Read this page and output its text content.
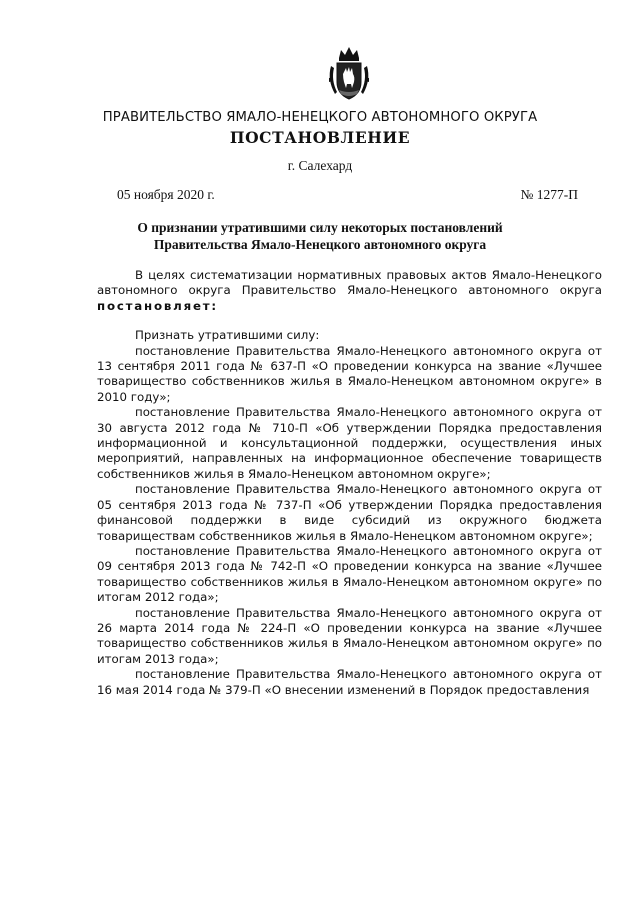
ПРАВИТЕЛЬСТВО ЯМАЛО-НЕНЕЦКОГО АВТОНОМНОГО ОКРУГА
ПОСТАНОВЛЕНИЕ
г. Салехард
05 ноября 2020 г.	№ 1277-П
О признании утратившими силу некоторых постановлений
Правительства Ямало-Ненецкого автономного округа

В целях систематизации нормативных правовых актов Ямало-Ненецкого автономного округа Правительство Ямало-Ненецкого автономного округа постановляет:

Признать утратившими силу:

постановление Правительства Ямало-Ненецкого автономного округа от 13 сентября 2011 года № 637-П «О проведении конкурса на звание «Лучшее товарищество собственников жилья в Ямало-Ненецком автономном округе» в 2010 году»;

постановление Правительства Ямало-Ненецкого автономного округа от 30 августа 2012 года № 710-П «Об утверждении Порядка предоставления информационной и консультационной поддержки, осуществления иных мероприятий, направленных на информационное обеспечение товариществ собственников жилья в Ямало-Ненецком автономном округе»;

постановление Правительства Ямало-Ненецкого автономного округа от 05 сентября 2013 года № 737-П «Об утверждении Порядка предоставления финансовой поддержки в виде субсидий из окружного бюджета товариществам собственников жилья в Ямало-Ненецком автономном округе»;

постановление Правительства Ямало-Ненецкого автономного округа от 09 сентября 2013 года № 742-П «О проведении конкурса на звание «Лучшее товарищество собственников жилья в Ямало-Ненецком автономном округе» по итогам 2012 года»;

постановление Правительства Ямало-Ненецкого автономного округа от 26 марта 2014 года № 224-П «О проведении конкурса на звание «Лучшее товарищество собственников жилья в Ямало-Ненецком автономном округе» по итогам 2013 года»;

постановление Правительства Ямало-Ненецкого автономного округа от 16 мая 2014 года № 379-П «О внесении изменений в Порядок предоставления
